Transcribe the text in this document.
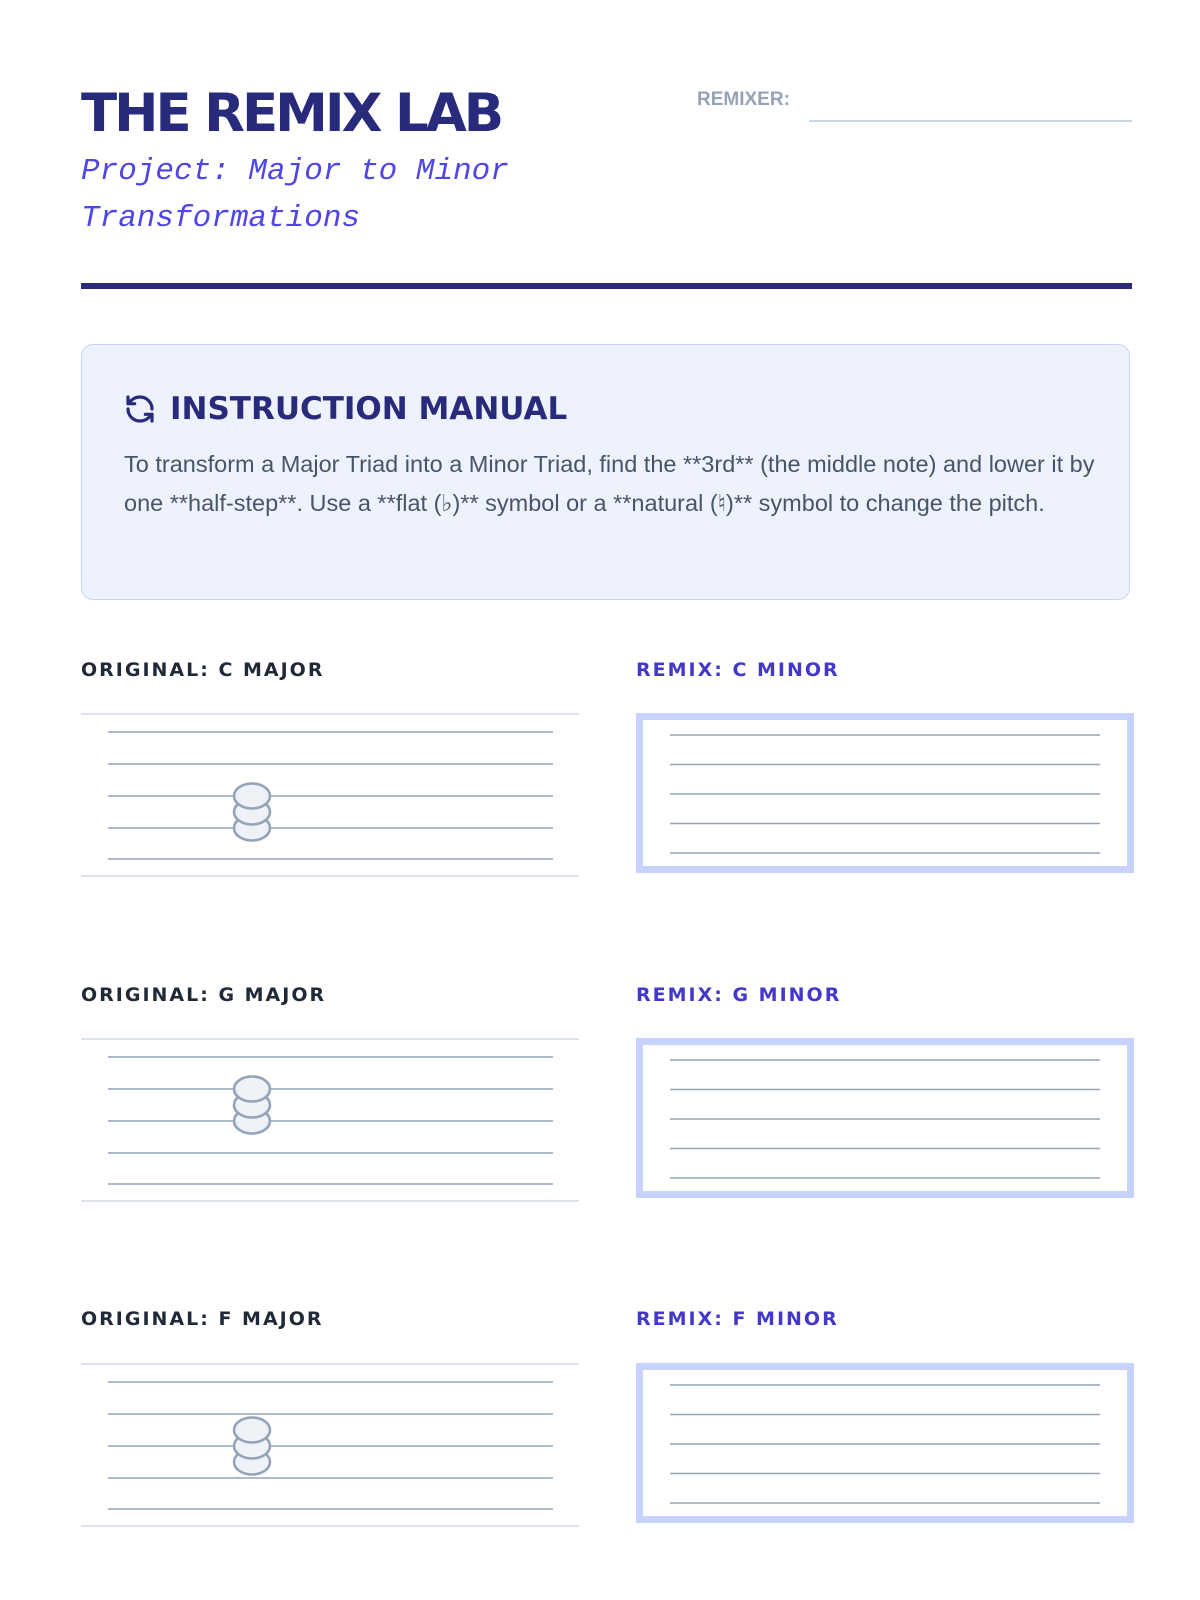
THE REMIX LAB

Project: Major to Minor Transformations

REMIXER:
INSTRUCTION MANUAL

To transform a Major Triad into a Minor Triad, find the **3rd** (the middle note) and lower it by one **half-step**. Use a **flat (♭)** symbol or a **natural (♮)** symbol to change the pitch.

ORIGINAL: C MAJOR	REMIX: C MINOR
ORIGINAL: G MAJOR	REMIX: G MINOR
ORIGINAL: F MAJOR	REMIX: F MINOR
